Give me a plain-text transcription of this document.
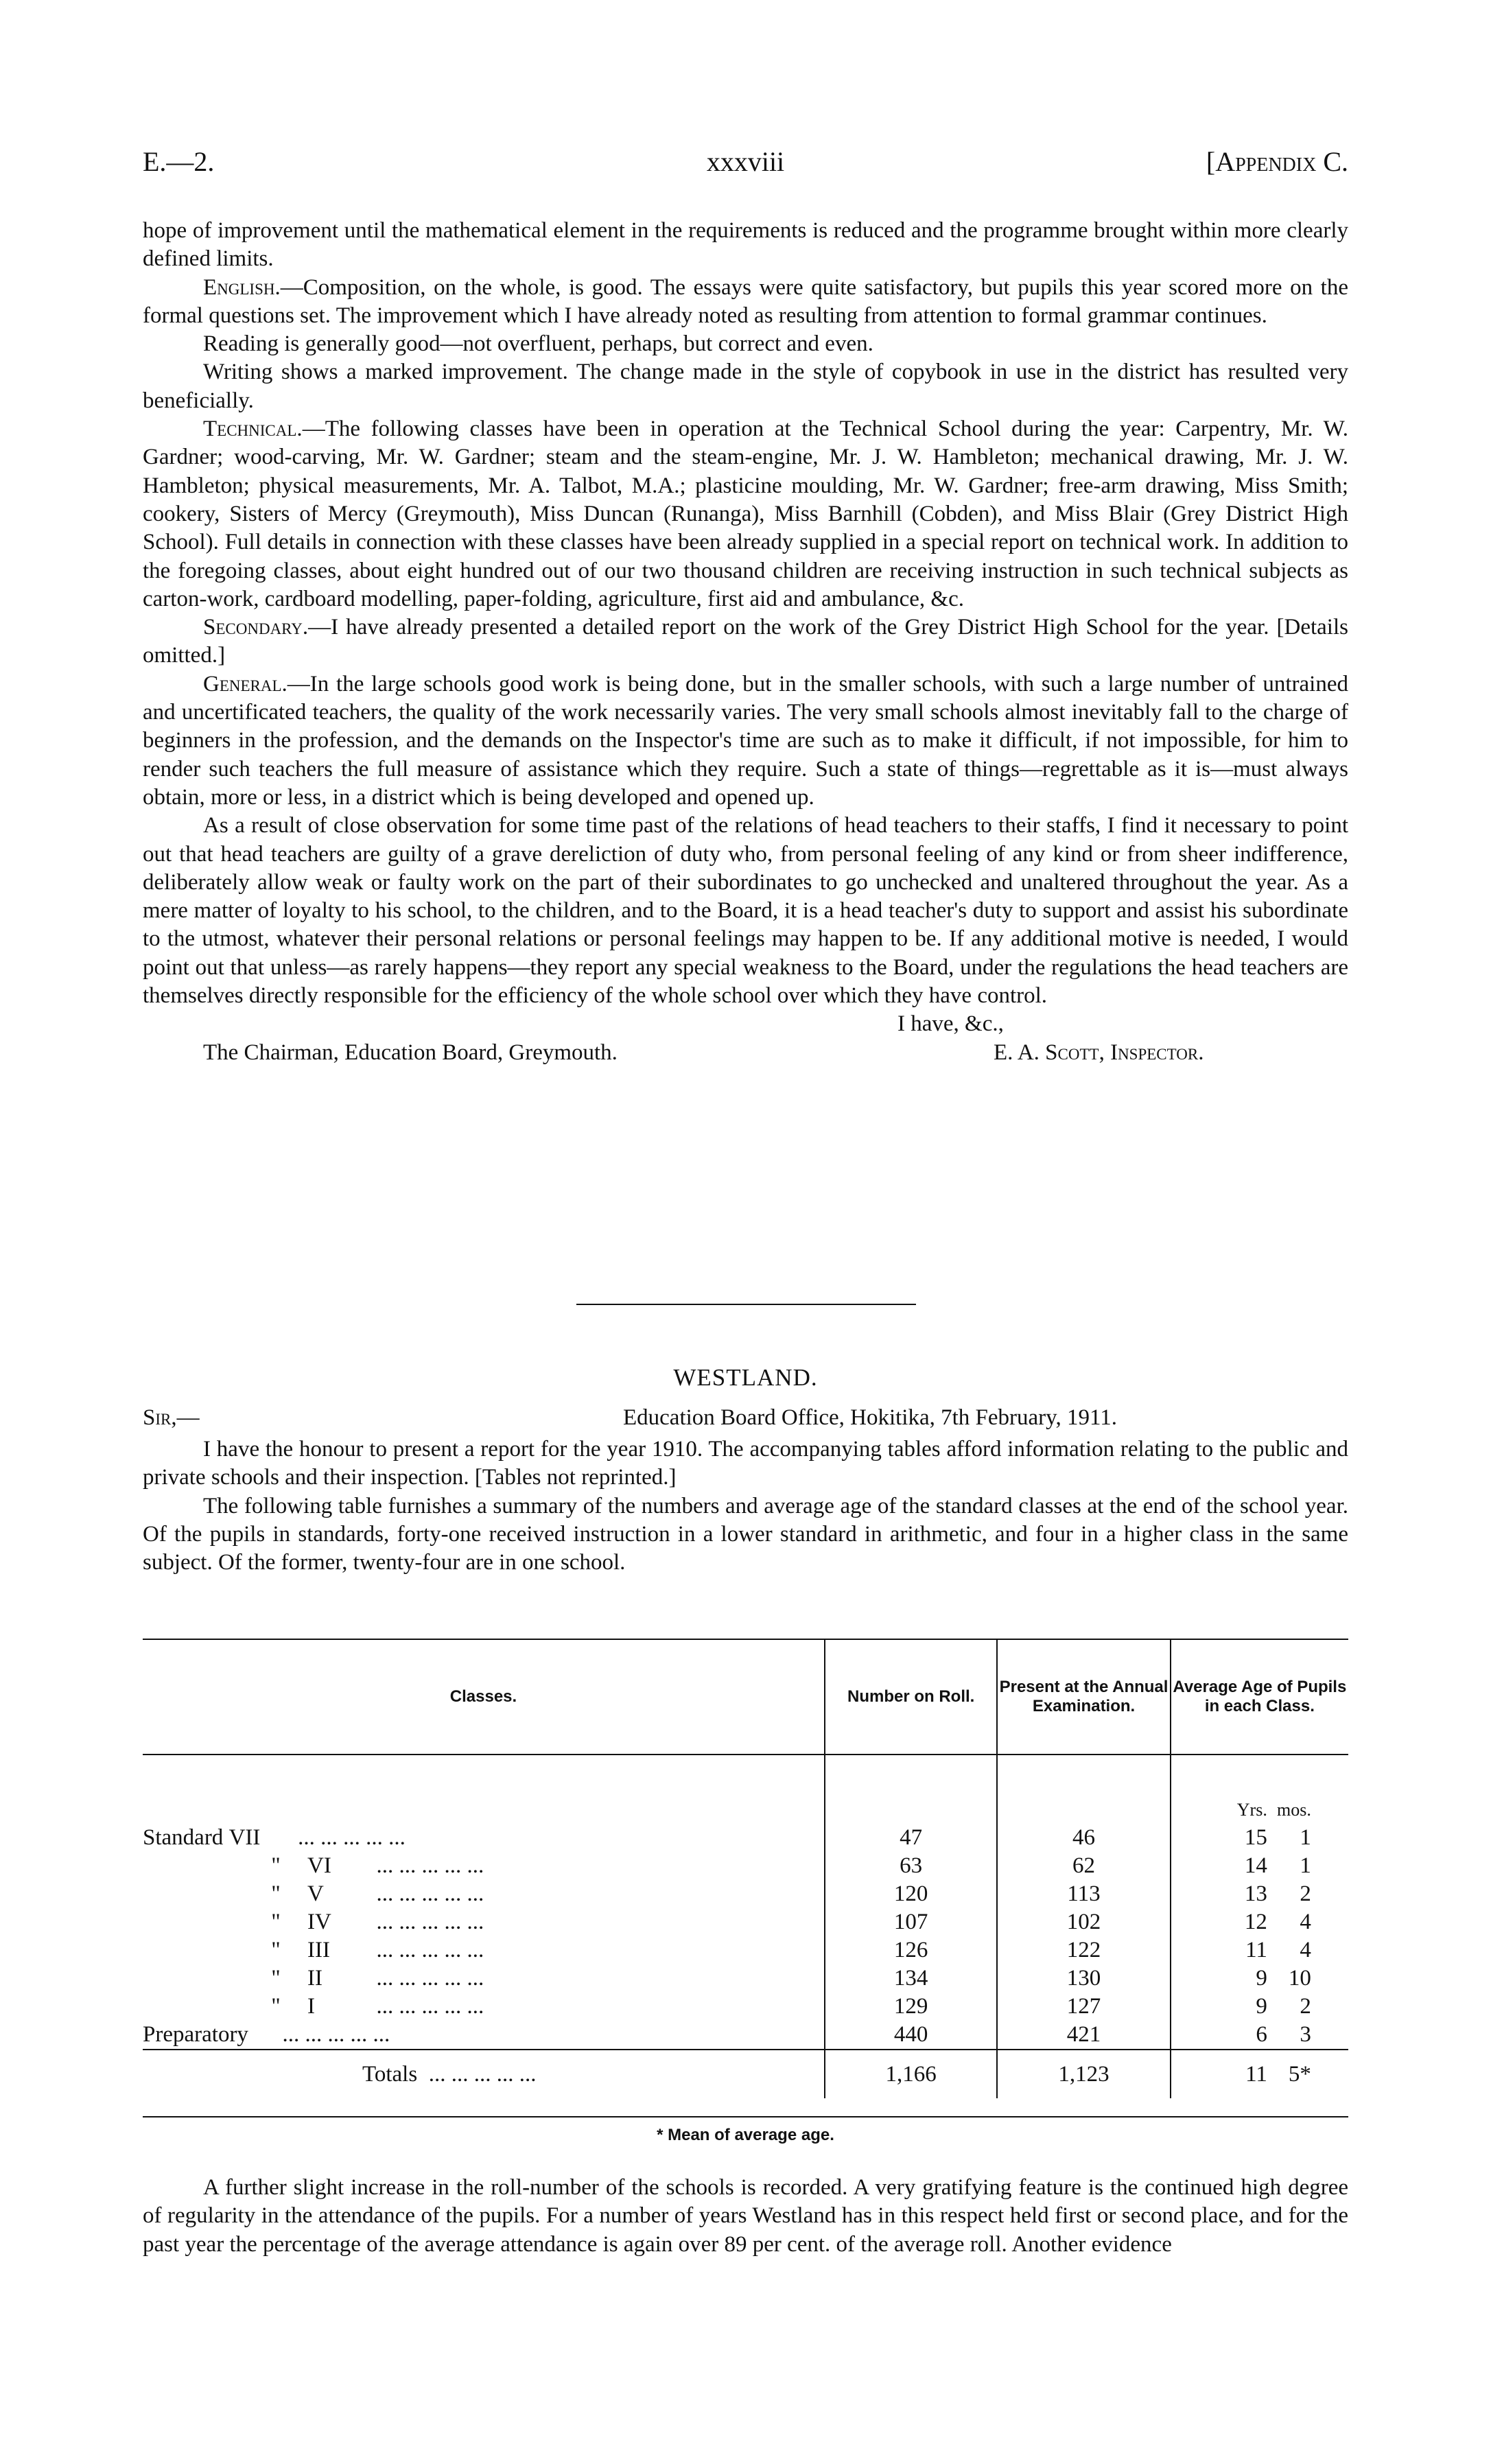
E.—2.	xxxviii	[Appendix C.

hope of improvement until the mathematical element in the requirements is reduced and the programme brought within more clearly defined limits.

English.—Composition, on the whole, is good. The essays were quite satisfactory, but pupils this year scored more on the formal questions set. The improvement which I have already noted as resulting from attention to formal grammar continues.

Reading is generally good—not overfluent, perhaps, but correct and even.

Writing shows a marked improvement. The change made in the style of copybook in use in the district has resulted very beneficially.

Technical.—The following classes have been in operation at the Technical School during the year: Carpentry, Mr. W. Gardner; wood-carving, Mr. W. Gardner; steam and the steam-engine, Mr. J. W. Hambleton; mechanical drawing, Mr. J. W. Hambleton; physical measurements, Mr. A. Talbot, M.A.; plasticine moulding, Mr. W. Gardner; free-arm drawing, Miss Smith; cookery, Sisters of Mercy (Greymouth), Miss Duncan (Runanga), Miss Barnhill (Cobden), and Miss Blair (Grey District High School). Full details in connection with these classes have been already supplied in a special report on technical work. In addition to the foregoing classes, about eight hundred out of our two thousand children are receiving instruction in such technical subjects as carton-work, cardboard modelling, paper-folding, agriculture, first aid and ambulance, &c.

Secondary.—I have already presented a detailed report on the work of the Grey District High School for the year. [Details omitted.]

General.—In the large schools good work is being done, but in the smaller schools, with such a large number of untrained and uncertificated teachers, the quality of the work necessarily varies. The very small schools almost inevitably fall to the charge of beginners in the profession, and the demands on the Inspector's time are such as to make it difficult, if not impossible, for him to render such teachers the full measure of assistance which they require. Such a state of things—regrettable as it is—must always obtain, more or less, in a district which is being developed and opened up.

As a result of close observation for some time past of the relations of head teachers to their staffs, I find it necessary to point out that head teachers are guilty of a grave dereliction of duty who, from personal feeling of any kind or from sheer indifference, deliberately allow weak or faulty work on the part of their subordinates to go unchecked and unaltered throughout the year. As a mere matter of loyalty to his school, to the children, and to the Board, it is a head teacher's duty to support and assist his subordinate to the utmost, whatever their personal relations or personal feelings may happen to be. If any additional motive is needed, I would point out that unless—as rarely happens—they report any special weakness to the Board, under the regulations the head teachers are themselves directly responsible for the efficiency of the whole school over which they have control.

I have, &c.,
The Chairman, Education Board, Greymouth.	E. A. Scott, Inspector.
WESTLAND.
Sir,—	Education Board Office, Hokitika, 7th February, 1911.

I have the honour to present a report for the year 1910. The accompanying tables afford information relating to the public and private schools and their inspection. [Tables not reprinted.]

The following table furnishes a summary of the numbers and average age of the standard classes at the end of the school year. Of the pupils in standards, forty-one received instruction in a lower standard in arithmetic, and four in a higher class in the same subject. Of the former, twenty-four are in one school.

Classes.	Number on Roll.	Present at the Annual Examination.	Average Age of Pupils in each Class.

			Yrs. mos.
Standard VII ... ... ... ... ...	47	46	15 1
" VI ... ... ... ... ...	63	62	14 1
" V ... ... ... ... ...	120	113	13 2
" IV ... ... ... ... ...	107	102	12 4
" III ... ... ... ... ...	126	122	11 4
" II ... ... ... ... ...	134	130	9 10
" I ... ... ... ... ...	129	127	9 2
Preparatory ... ... ... ... ...	440	421	6 3
Totals ... ... ... ... ...	1,166	1,123	11 5*
* Mean of average age.

A further slight increase in the roll-number of the schools is recorded. A very gratifying feature is the continued high degree of regularity in the attendance of the pupils. For a number of years Westland has in this respect held first or second place, and for the past year the percentage of the average attendance is again over 89 per cent. of the average roll. Another evidence
